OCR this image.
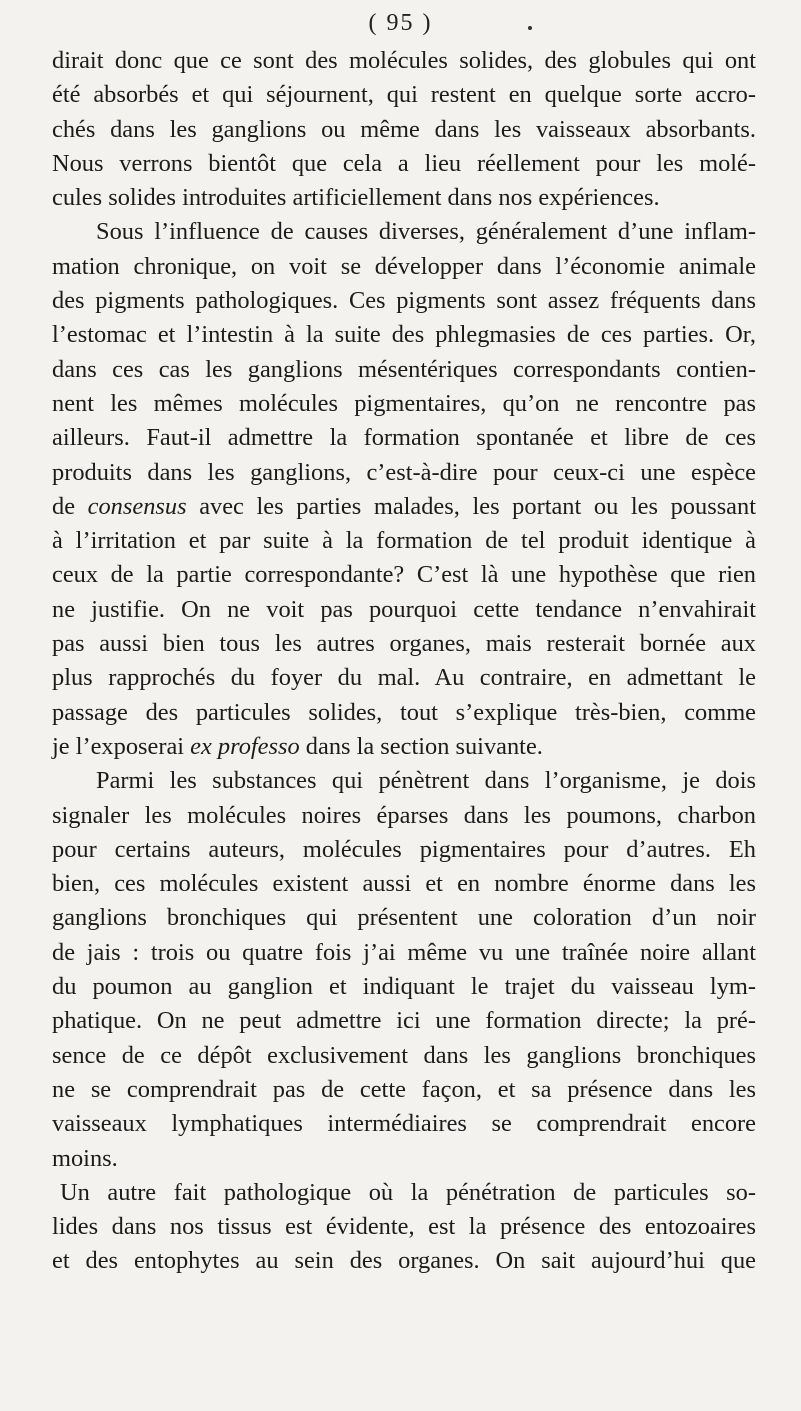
( 95 )
dirait donc que ce sont des molécules solides, des globules qui ont
été absorbés et qui séjournent, qui restent en quelque sorte accro-
chés dans les ganglions ou même dans les vaisseaux absorbants.
Nous verrons bientôt que cela a lieu réellement pour les molé-
cules solides introduites artificiellement dans nos expériences.
Sous l’influence de causes diverses, généralement d’une inflam-
mation chronique, on voit se développer dans l’économie animale
des pigments pathologiques. Ces pigments sont assez fréquents dans
l’estomac et l’intestin à la suite des phlegmasies de ces parties. Or,
dans ces cas les ganglions mésentériques correspondants contien-
nent les mêmes molécules pigmentaires, qu’on ne rencontre pas
ailleurs. Faut-il admettre la formation spontanée et libre de ces
produits dans les ganglions, c’est-à-dire pour ceux-ci une espèce
de consensus avec les parties malades, les portant ou les poussant
à l’irritation et par suite à la formation de tel produit identique à
ceux de la partie correspondante? C’est là une hypothèse que rien
ne justifie. On ne voit pas pourquoi cette tendance n’envahirait
pas aussi bien tous les autres organes, mais resterait bornée aux
plus rapprochés du foyer du mal. Au contraire, en admettant le
passage des particules solides, tout s’explique très-bien, comme
je l’exposerai ex professo dans la section suivante.
Parmi les substances qui pénètrent dans l’organisme, je dois
signaler les molécules noires éparses dans les poumons, charbon
pour certains auteurs, molécules pigmentaires pour d’autres. Eh
bien, ces molécules existent aussi et en nombre énorme dans les
ganglions bronchiques qui présentent une coloration d’un noir
de jais : trois ou quatre fois j’ai même vu une traînée noire allant
du poumon au ganglion et indiquant le trajet du vaisseau lym-
phatique. On ne peut admettre ici une formation directe; la pré-
sence de ce dépôt exclusivement dans les ganglions bronchiques
ne se comprendrait pas de cette façon, et sa présence dans les
vaisseaux lymphatiques intermédiaires se comprendrait encore
moins.
Un autre fait pathologique où la pénétration de particules so-
lides dans nos tissus est évidente, est la présence des entozoaires
et des entophytes au sein des organes. On sait aujourd’hui que
